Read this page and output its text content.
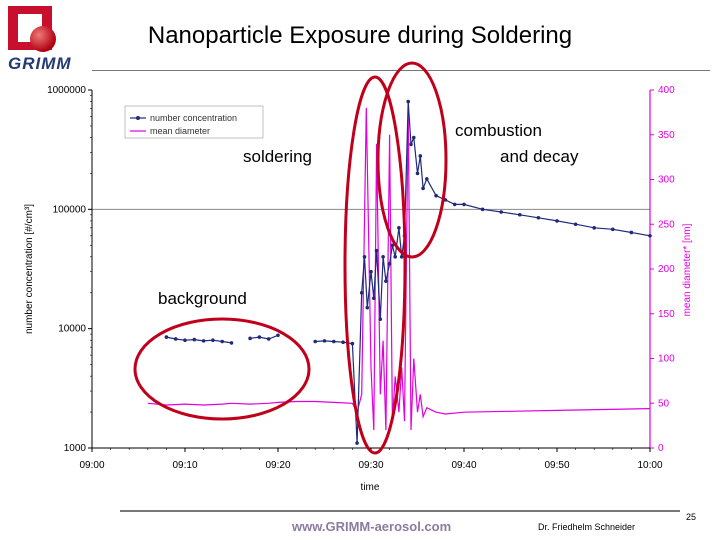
GRIMM
Nanoparticle Exposure during Soldering
1000
10000
100000
1000000
number concentration [#/cm³]
0
50
100
150
200
250
300
350
400
mean diameter* [nm]
09:00	09:10	09:20	09:30	09:40	09:50	10:00
time
number concentration
mean diameter
soldering
combustion
and decay
background
www.GRIMM-aerosol.com	Dr. Friedhelm Schneider
25
